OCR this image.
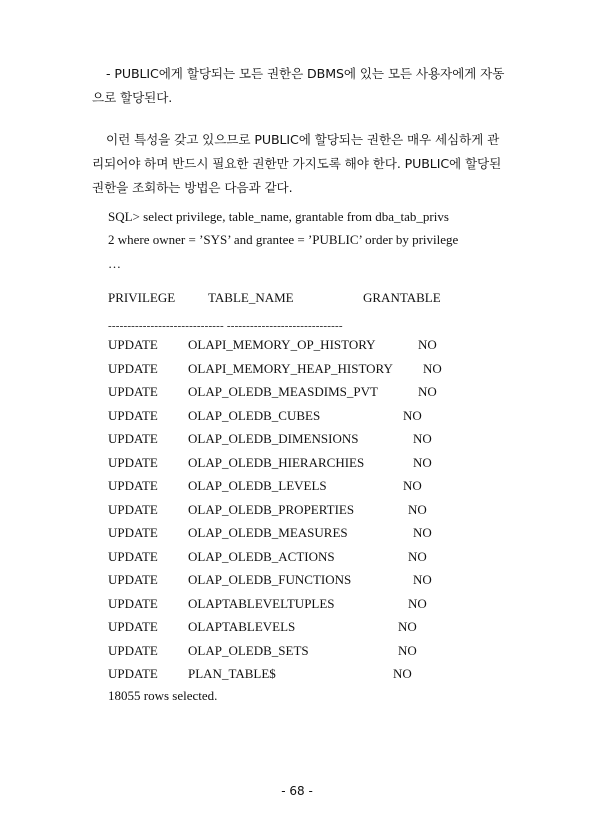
- PUBLIC에게 할당되는 모든 권한은 DBMS에 있는 모든 사용자에게 자동
으로 할당된다.
이런 특성을 갖고 있으므로 PUBLIC에 할당되는 권한은 매우 세심하게 관
리되어야 하며 반드시 필요한 권한만 가지도록 해야 한다. PUBLIC에 할당된
권한을 조회하는 방법은 다음과 같다.
SQL> select privilege, table_name, grantable from dba_tab_privs
2 where owner = ’SYS’ and grantee = ’PUBLIC’ order by privilege
…
PRIVILEGE	TABLE_NAME	GRANTABLE
------------------------------ ------------------------------
UPDATE OLAPI_MEMORY_OP_HISTORY	NO
UPDATE OLAPI_MEMORY_HEAP_HISTORY NO
UPDATE OLAP_OLEDB_MEASDIMS_PVT	NO
UPDATE OLAP_OLEDB_CUBES	NO
UPDATE OLAP_OLEDB_DIMENSIONS	NO
UPDATE OLAP_OLEDB_HIERARCHIES	NO
UPDATE OLAP_OLEDB_LEVELS	NO
UPDATE OLAP_OLEDB_PROPERTIES	NO
UPDATE OLAP_OLEDB_MEASURES	NO
UPDATE OLAP_OLEDB_ACTIONS	NO
UPDATE OLAP_OLEDB_FUNCTIONS	NO
UPDATE OLAPTABLEVELTUPLES	NO
UPDATE OLAPTABLEVELS	NO
UPDATE OLAP_OLEDB_SETS	NO
UPDATE PLAN_TABLE$	NO
18055 rows selected.
- 68 -
